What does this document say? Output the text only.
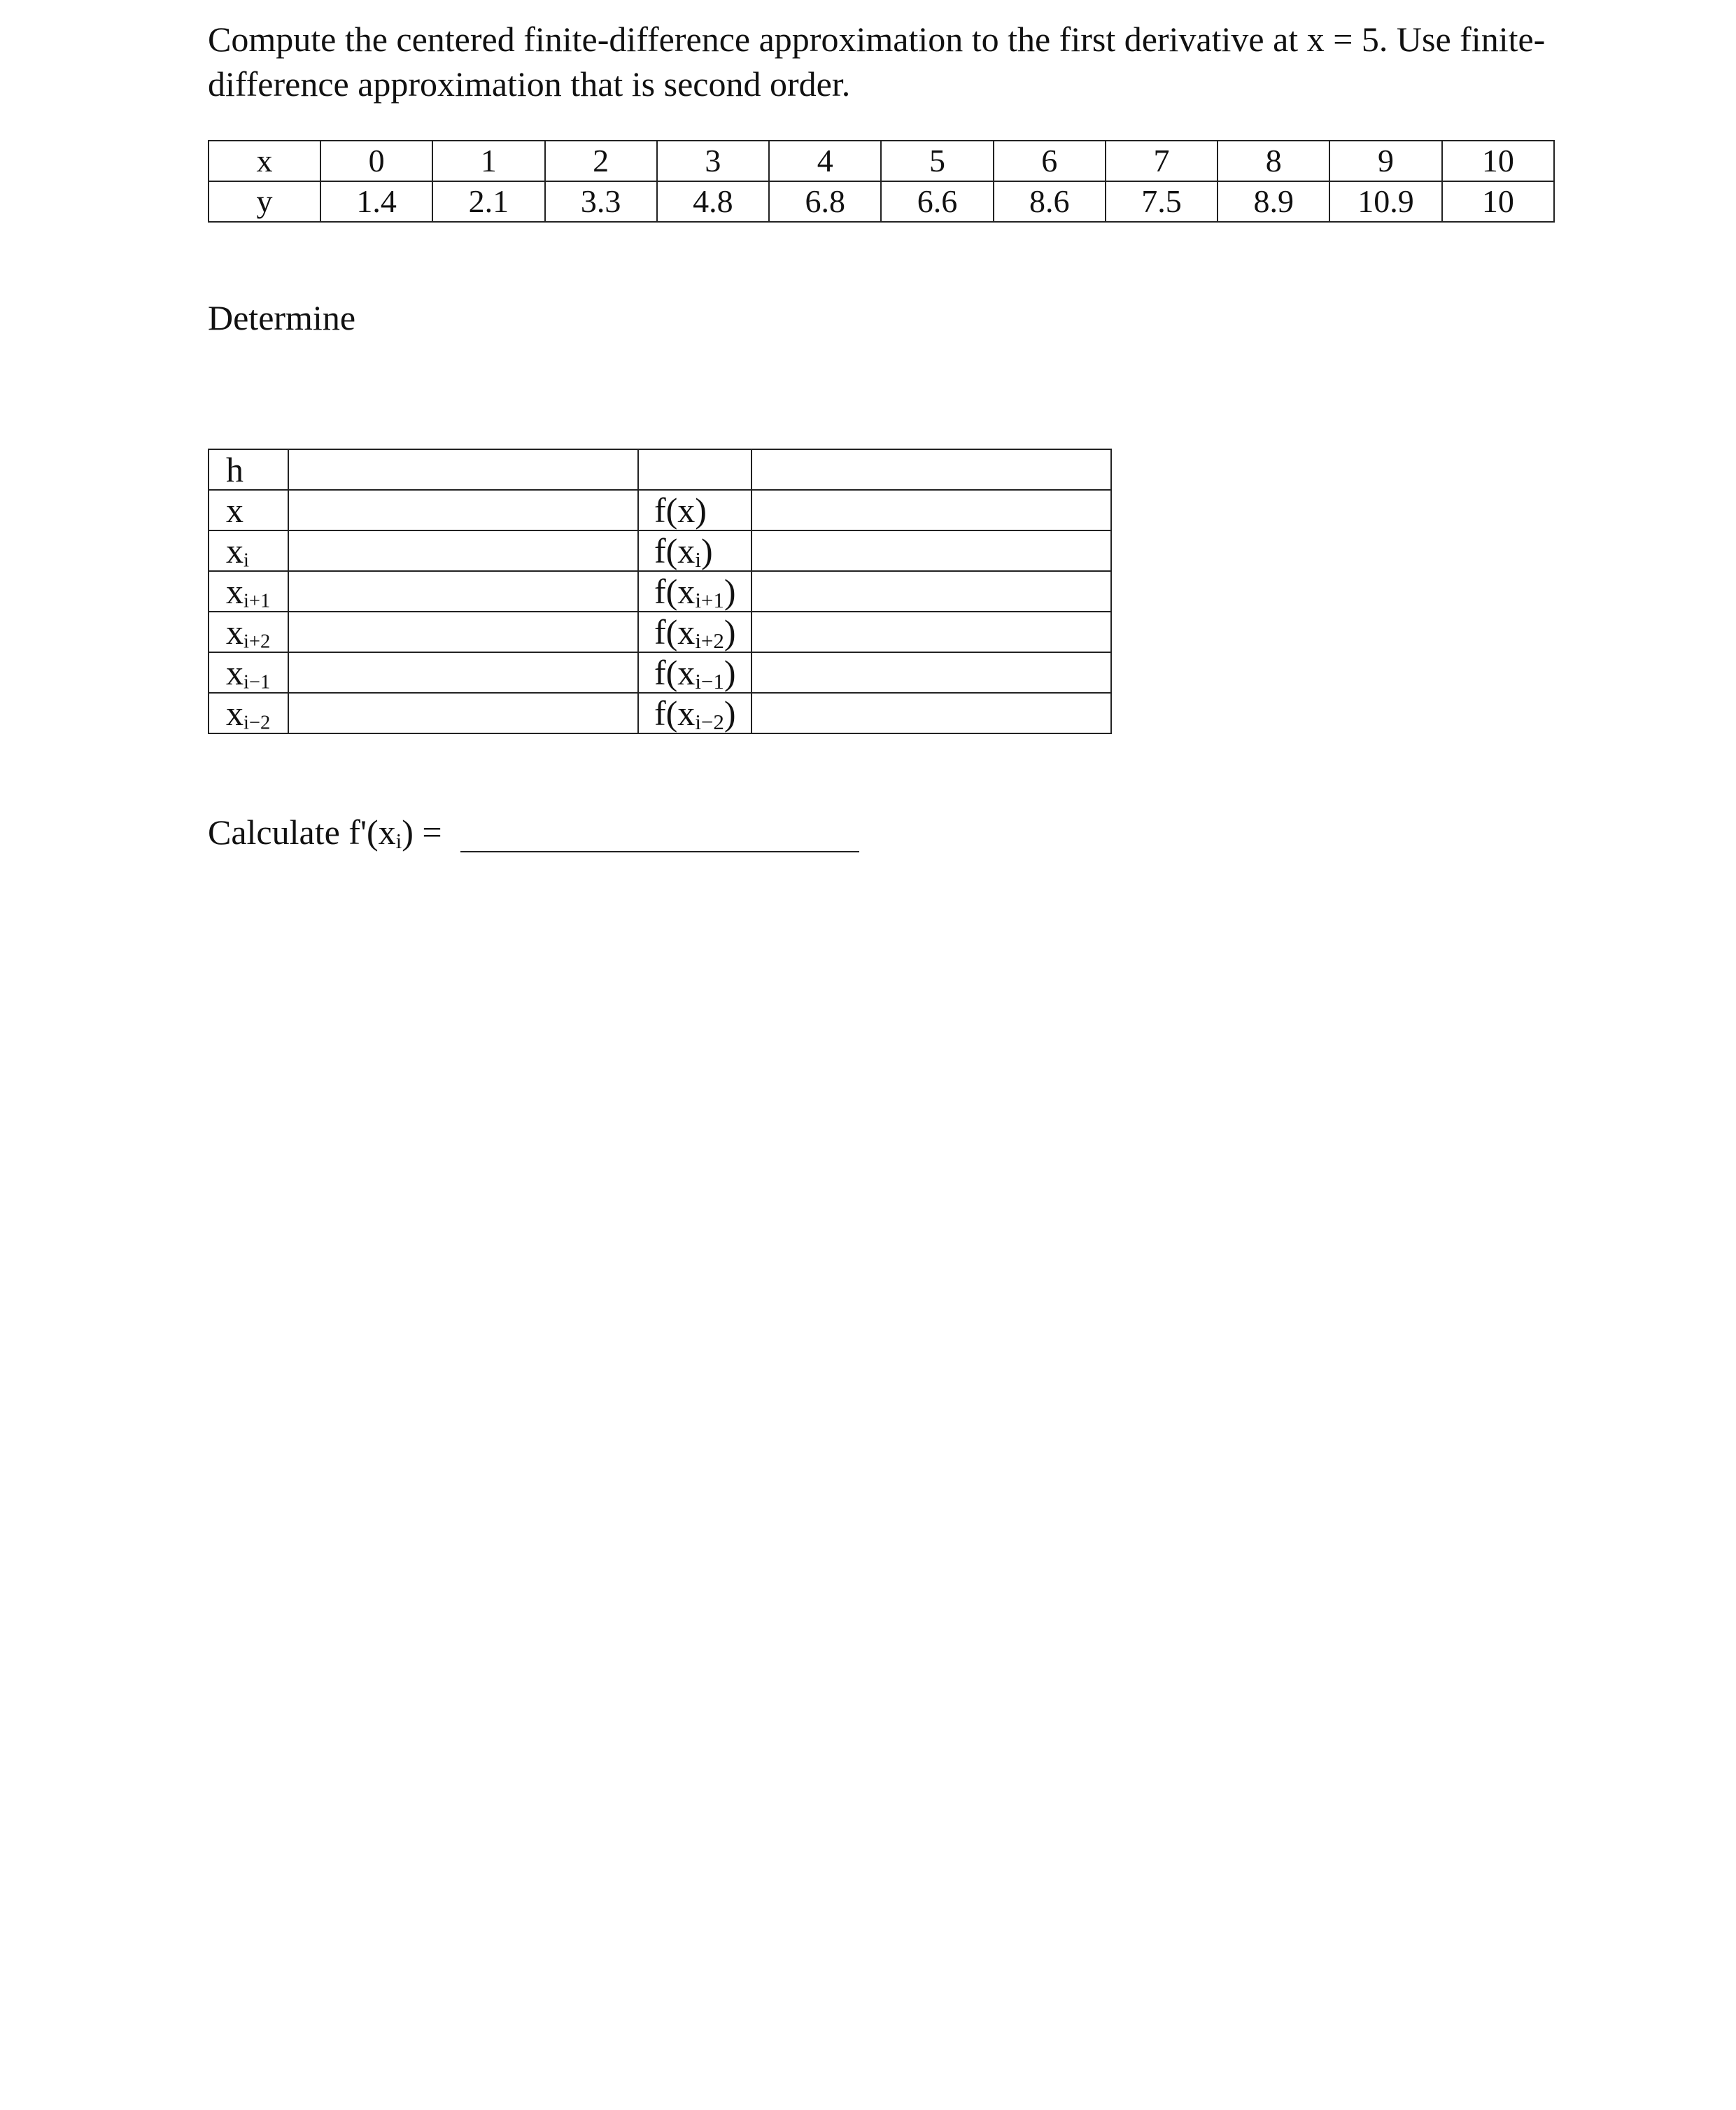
Compute the centered finite-difference approximation to the first derivative at x = 5. Use finite-
difference approximation that is second order.

x	0	1	2	3	4	5	6	7	8	9	10
y	1.4	2.1	3.3	4.8	6.8	6.6	8.6	7.5	8.9	10.9	10

Determine

h			
x		f(x)	
$x_i$		$f(x_i)$	
$x_{i+1}$		$f(x_{i+1})$	
$x_{i+2}$		$f(x_{i+2})$	
$x_{i-1}$		$f(x_{i-1})$	
$x_{i-2}$		$f(x_{i-2})$	
Calculate $f'(x_i)$ =
